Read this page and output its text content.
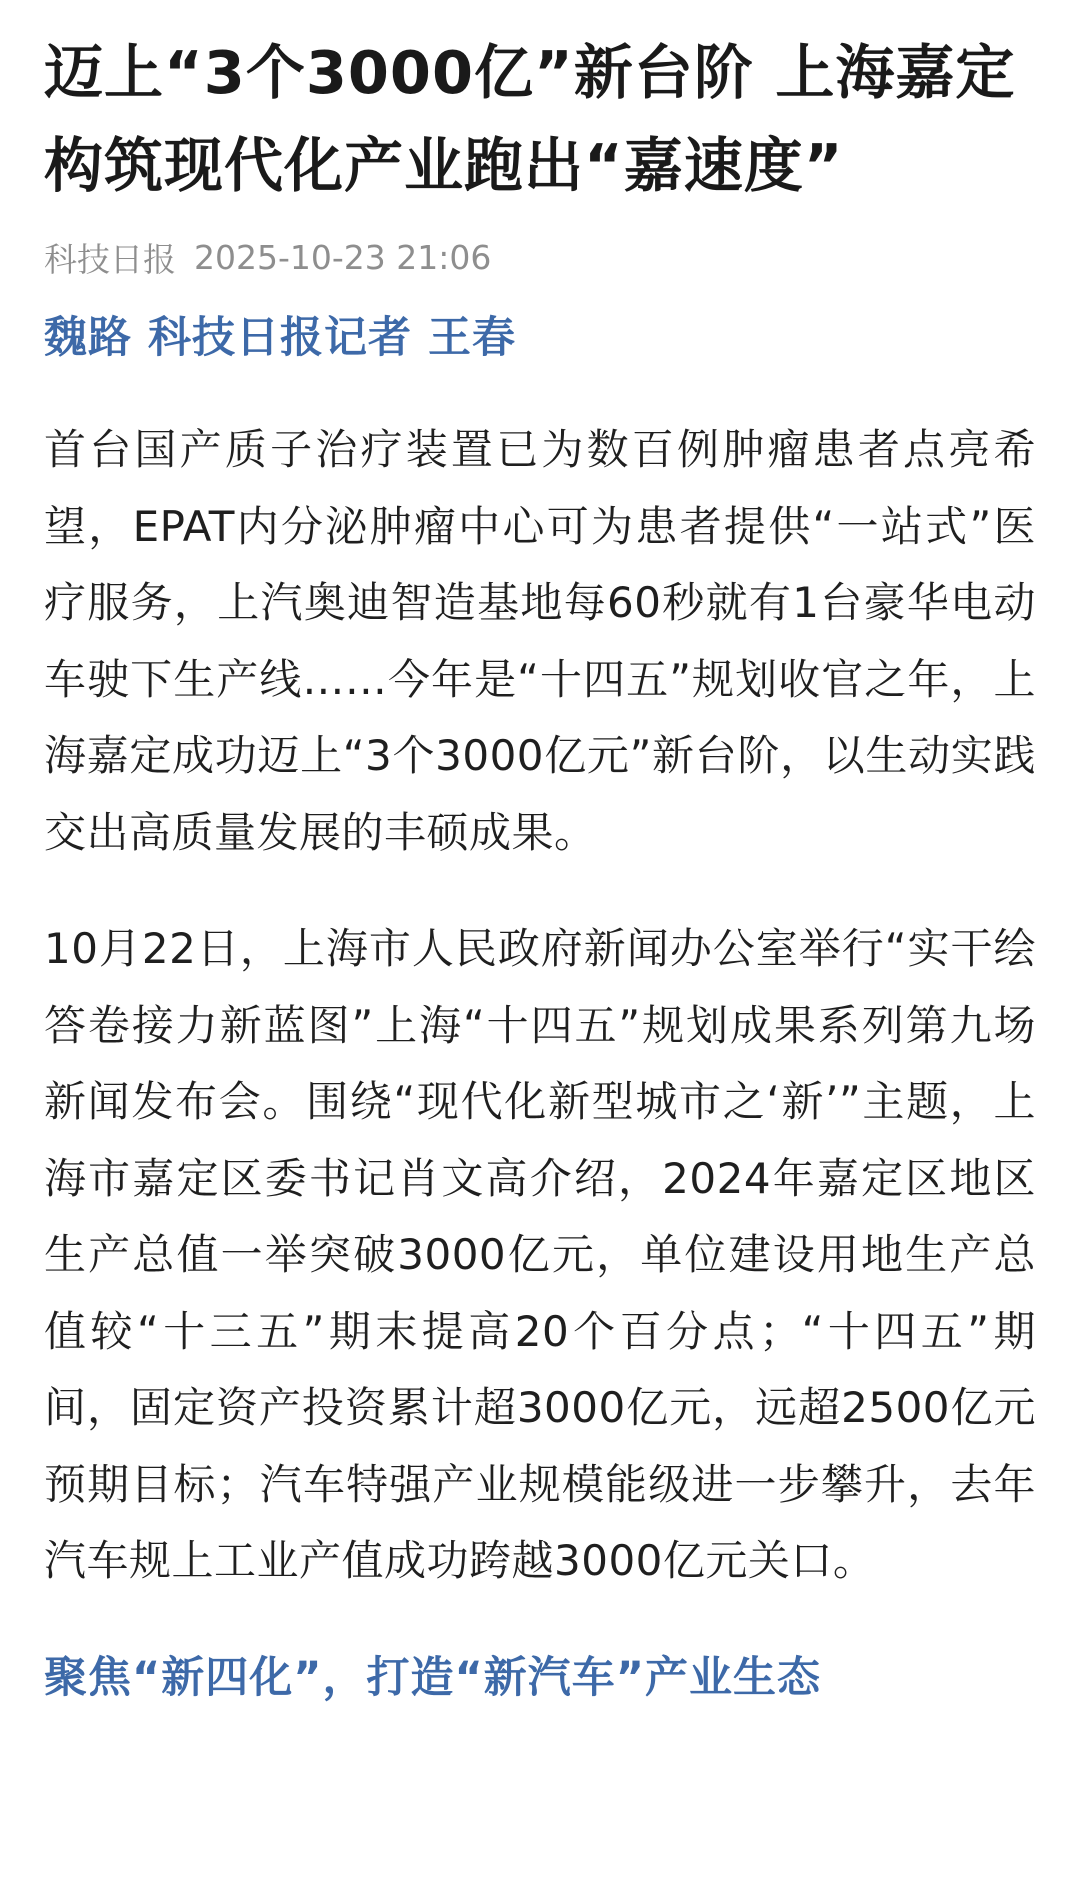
迈上“3个3000亿”新台阶 上海嘉定构筑现代化产业跑出“嘉速度”
科技日报 2025-10-23 21:06
魏路 科技日报记者 王春

首台国产质子治疗装置已为数百例肿瘤患者点亮希望，EPAT内分泌肿瘤中心可为患者提供“一站式”医疗服务，上汽奥迪智造基地每60秒就有1台豪华电动车驶下生产线……今年是“十四五”规划收官之年，上海嘉定成功迈上“3个3000亿元”新台阶，以生动实践交出高质量发展的丰硕成果。

10月22日，上海市人民政府新闻办公室举行“实干绘答卷接力新蓝图”上海“十四五”规划成果系列第九场新闻发布会。围绕“现代化新型城市之‘新’”主题，上海市嘉定区委书记肖文高介绍，2024年嘉定区地区生产总值一举突破3000亿元，单位建设用地生产总值较“十三五”期末提高20个百分点；“十四五”期间，固定资产投资累计超3000亿元，远超2500亿元预期目标；汽车特强产业规模能级进一步攀升，去年汽车规上工业产值成功跨越3000亿元关口。

聚焦“新四化”，打造“新汽车”产业生态
